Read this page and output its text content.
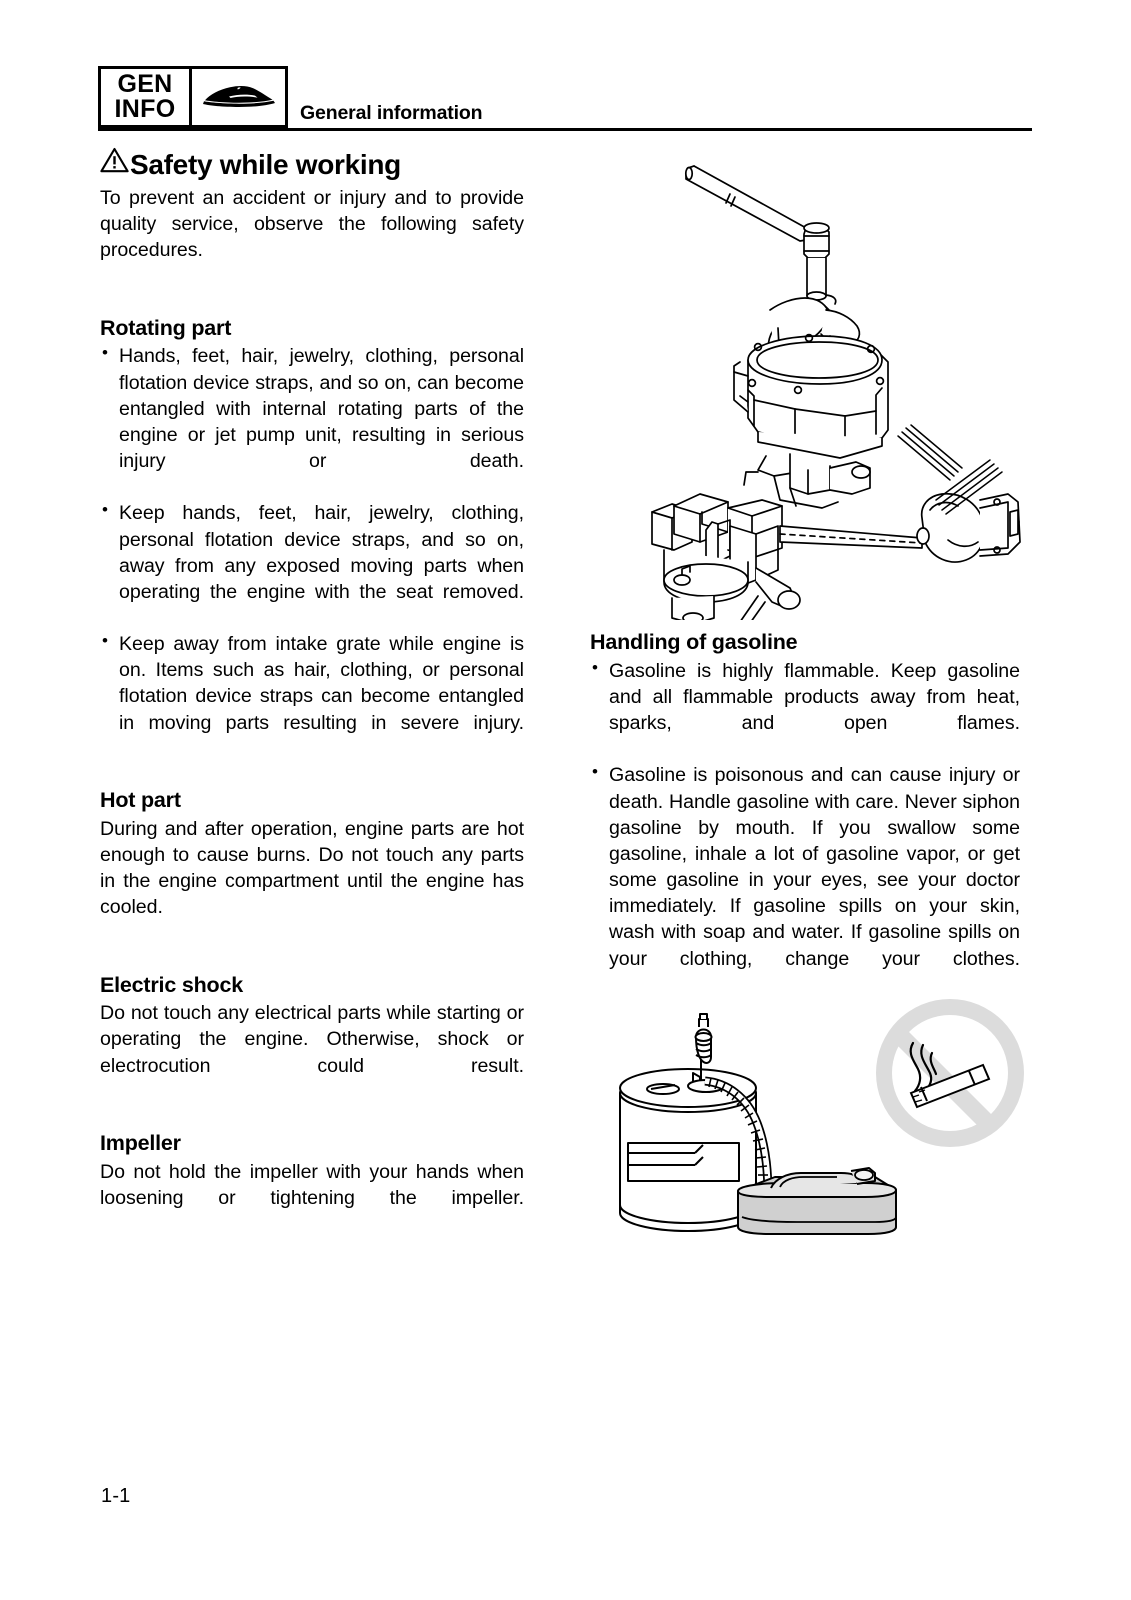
GEN
INFO	General information
Safety while working

To prevent an accident or injury and to provide quality service, observe the following safety procedures.

Rotating part
• Hands, feet, hair, jewelry, clothing, personal flotation device straps, and so on, can become entangled with internal rotating parts of the engine or jet pump unit, resulting in serious injury or death.
• Keep hands, feet, hair, jewelry, clothing, personal flotation device straps, and so on, away from any exposed moving parts when operating the engine with the seat removed.
• Keep away from intake grate while engine is on. Items such as hair, clothing, or personal flotation device straps can become entangled in moving parts resulting in severe injury.
Hot part

During and after operation, engine parts are hot enough to cause burns. Do not touch any parts in the engine compartment until the engine has cooled.

Electric shock

Do not touch any electrical parts while starting or operating the engine. Otherwise, shock or electrocution could result.

Impeller

Do not hold the impeller with your hands when loosening or tightening the impeller.

Handling of gasoline
• Gasoline is highly flammable. Keep gasoline and all flammable products away from heat, sparks, and open flames.
• Gasoline is poisonous and can cause injury or death. Handle gasoline with care. Never siphon gasoline by mouth. If you swallow some gasoline, inhale a lot of gasoline vapor, or get some gasoline in your eyes, see your doctor immediately. If gasoline spills on your skin, wash with soap and water. If gasoline spills on your clothing, change your clothes.
1-1
